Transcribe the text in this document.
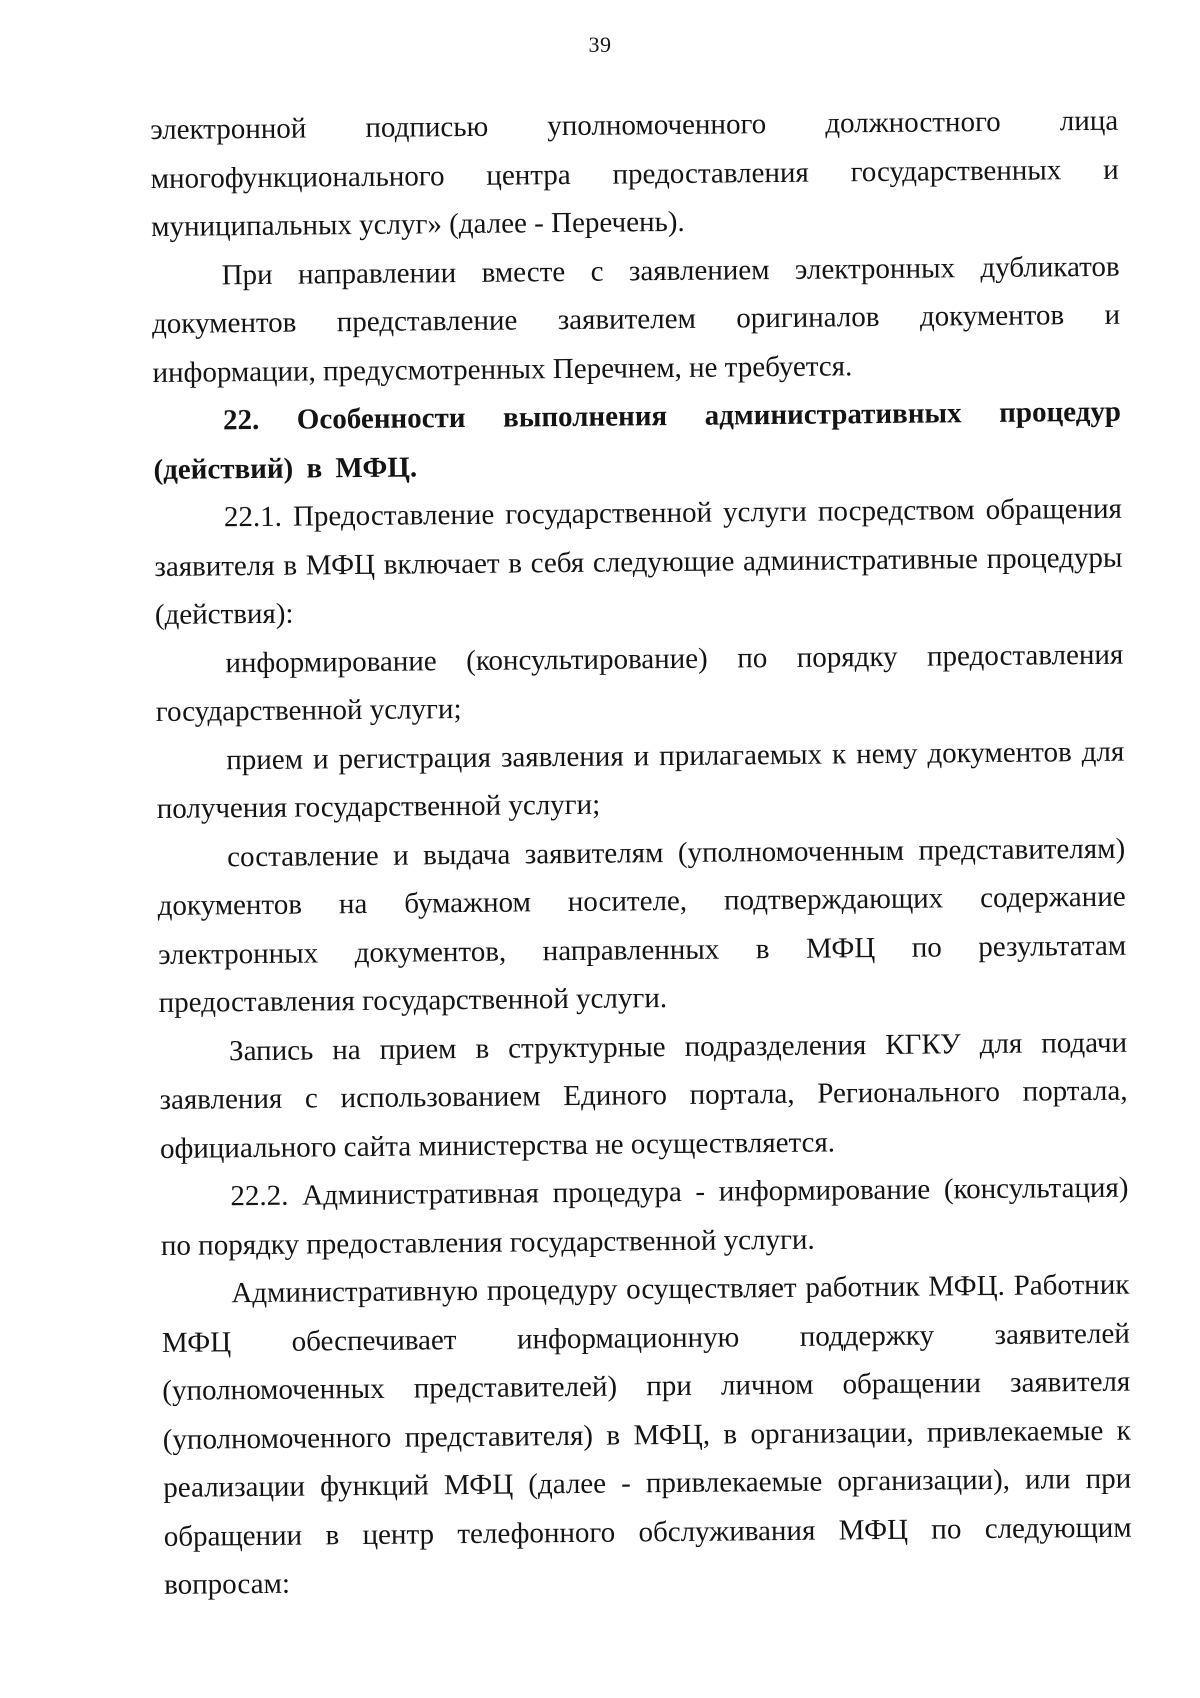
39

электронной подписью уполномоченного должностного лица многофункционального центра предоставления государственных и муниципальных услуг» (далее - Перечень).

При направлении вместе с заявлением электронных дубликатов документов представление заявителем оригиналов документов и информации, предусмотренных Перечнем, не требуется.

22. Особенности выполнения административных процедур (действий) в МФЦ.

22.1. Предоставление государственной услуги посредством обращения заявителя в МФЦ включает в себя следующие административные процедуры (действия):

информирование (консультирование) по порядку предоставления государственной услуги;

прием и регистрация заявления и прилагаемых к нему документов для получения государственной услуги;

составление и выдача заявителям (уполномоченным представителям) документов на бумажном носителе, подтверждающих содержание электронных документов, направленных в МФЦ по результатам предоставления государственной услуги.

Запись на прием в структурные подразделения КГКУ для подачи заявления с использованием Единого портала, Регионального портала, официального сайта министерства не осуществляется.

22.2. Административная процедура - информирование (консультация) по порядку предоставления государственной услуги.

Административную процедуру осуществляет работник МФЦ. Работник МФЦ обеспечивает информационную поддержку заявителей (уполномоченных представителей) при личном обращении заявителя (уполномоченного представителя) в МФЦ, в организации, привлекаемые к реализации функций МФЦ (далее - привлекаемые организации), или при обращении в центр телефонного обслуживания МФЦ по следующим вопросам:
